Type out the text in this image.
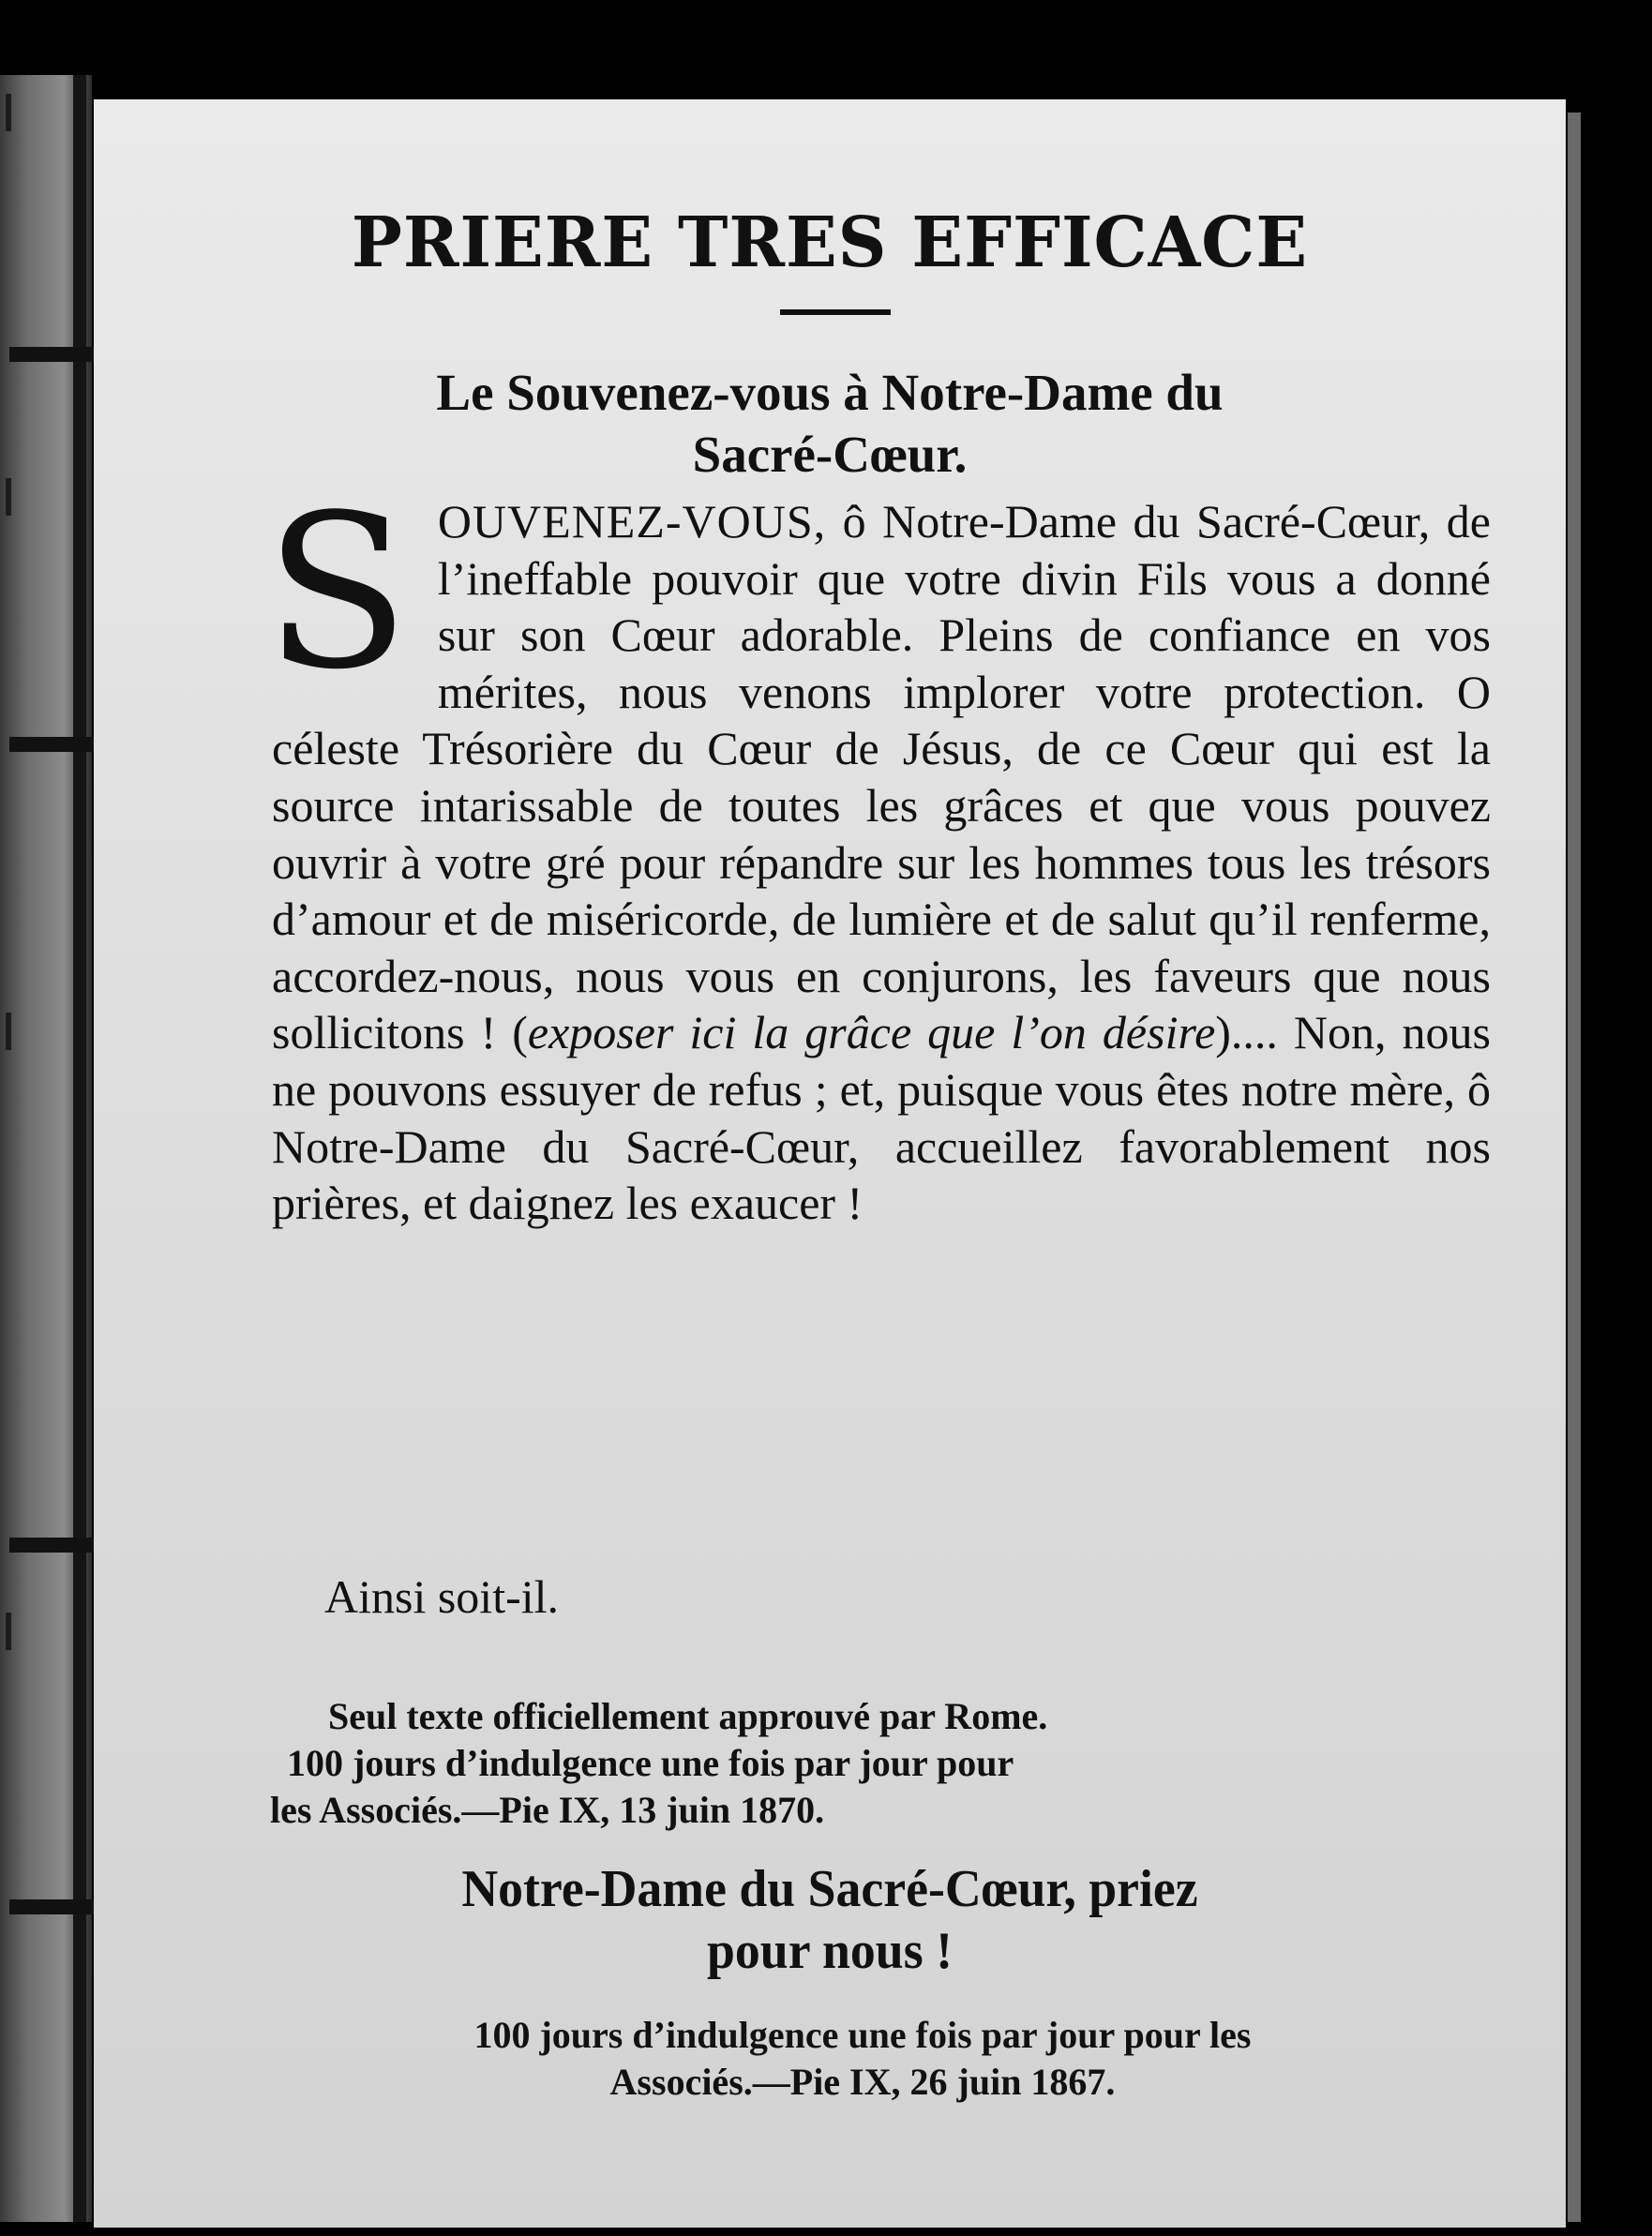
PRIERE TRES EFFICACE
Le Souvenez-vous à Notre-Dame du
Sacré-Cœur.
SOUVENEZ-VOUS, ô Notre-Dame du Sacré-Cœur, de l’ineffable pouvoir que votre divin Fils vous a donné sur son Cœur adorable. Pleins de confiance en vos mérites, nous venons implorer votre protection. O céleste Trésorière du Cœur de Jésus, de ce Cœur qui est la source intarissable de toutes les grâces et que vous pouvez ouvrir à votre gré pour répandre sur les hommes tous les trésors d’amour et de miséricorde, de lumière et de salut qu’il renferme, accordez-nous, nous vous en conjurons, les faveurs que nous sollicitons ! (exposer ici la grâce que l’on désire).... Non, nous ne pouvons essuyer de refus ; et, puisque vous êtes notre mère, ô Notre-Dame du Sacré-Cœur, accueillez favorablement nos prières, et daignez les exaucer !
Ainsi soit-il.
Seul texte officiellement approuvé par Rome.
100 jours d’indulgence une fois par jour pour
les Associés.—Pie IX, 13 juin 1870.
Notre-Dame du Sacré-Cœur, priez
pour nous !
100 jours d’indulgence une fois par jour pour les
Associés.—Pie IX, 26 juin 1867.
